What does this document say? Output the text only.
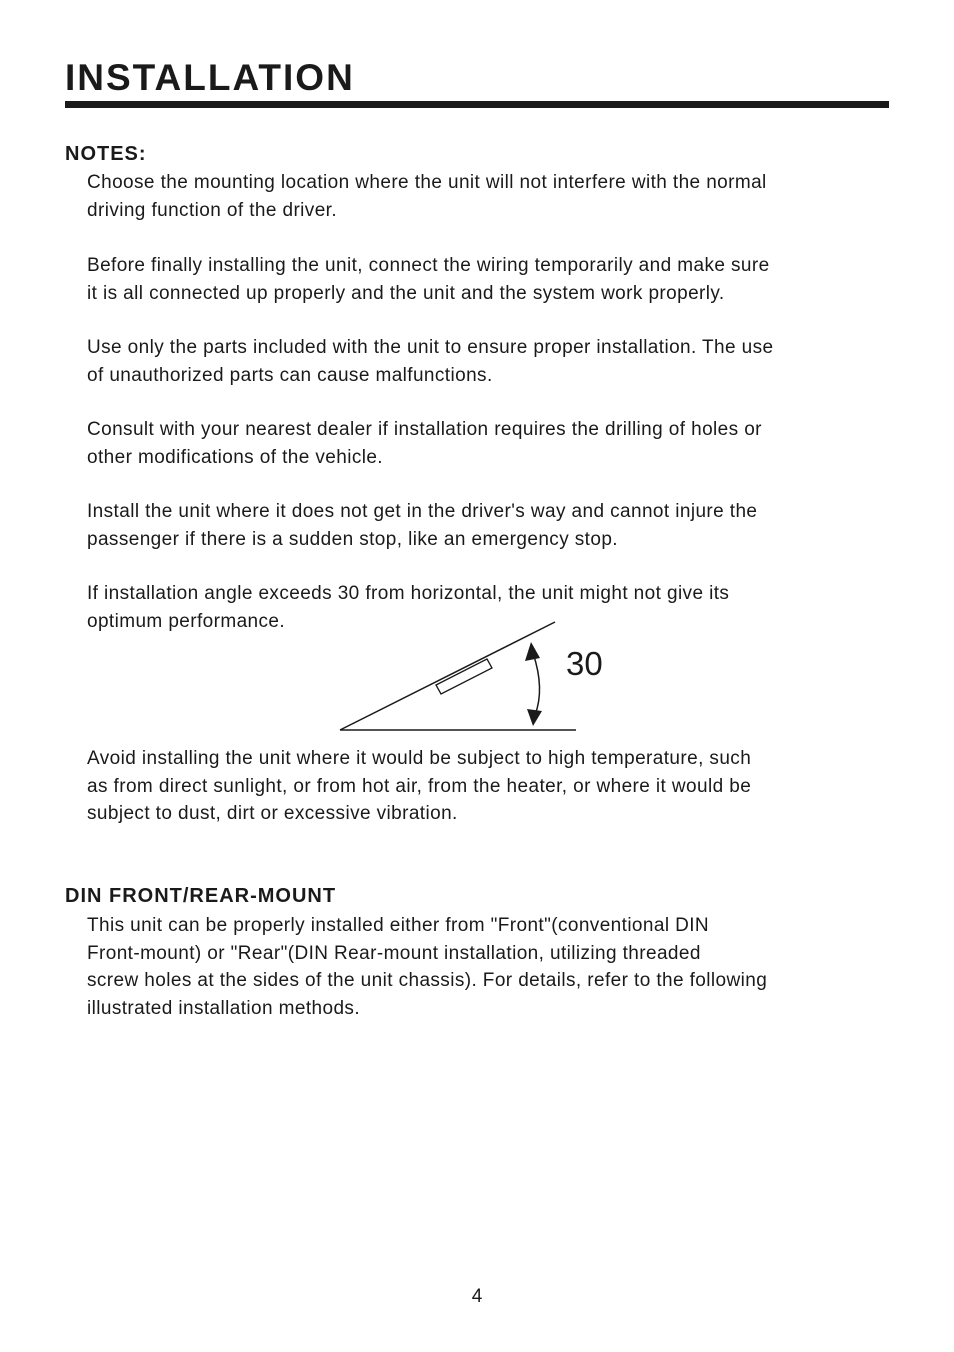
INSTALLATION
NOTES:

Choose the mounting location where the unit will not interfere with the normal
driving function of the driver.

Before finally installing the unit, connect the wiring temporarily and make sure
it is all connected up properly and the unit and the system work properly.

Use only the parts included with the unit to ensure proper installation. The use
of unauthorized parts can cause malfunctions.

Consult with your nearest dealer if installation requires the drilling of holes or
other modifications of the vehicle.

Install the unit where it does not get in the driver's way and cannot injure the
passenger if there is a sudden stop, like an emergency stop.

If installation angle exceeds 30 from horizontal, the unit might not give its
optimum performance.

30

Avoid installing the unit where it would be subject to high temperature, such
as from direct sunlight, or from hot air, from the heater, or where it would be
subject to dust, dirt or excessive vibration.

DIN FRONT/REAR-MOUNT

This unit can be properly installed either from "Front"(conventional DIN
Front-mount) or "Rear"(DIN Rear-mount installation, utilizing threaded
screw holes at the sides of the unit chassis). For details, refer to the following
illustrated installation methods.

4
